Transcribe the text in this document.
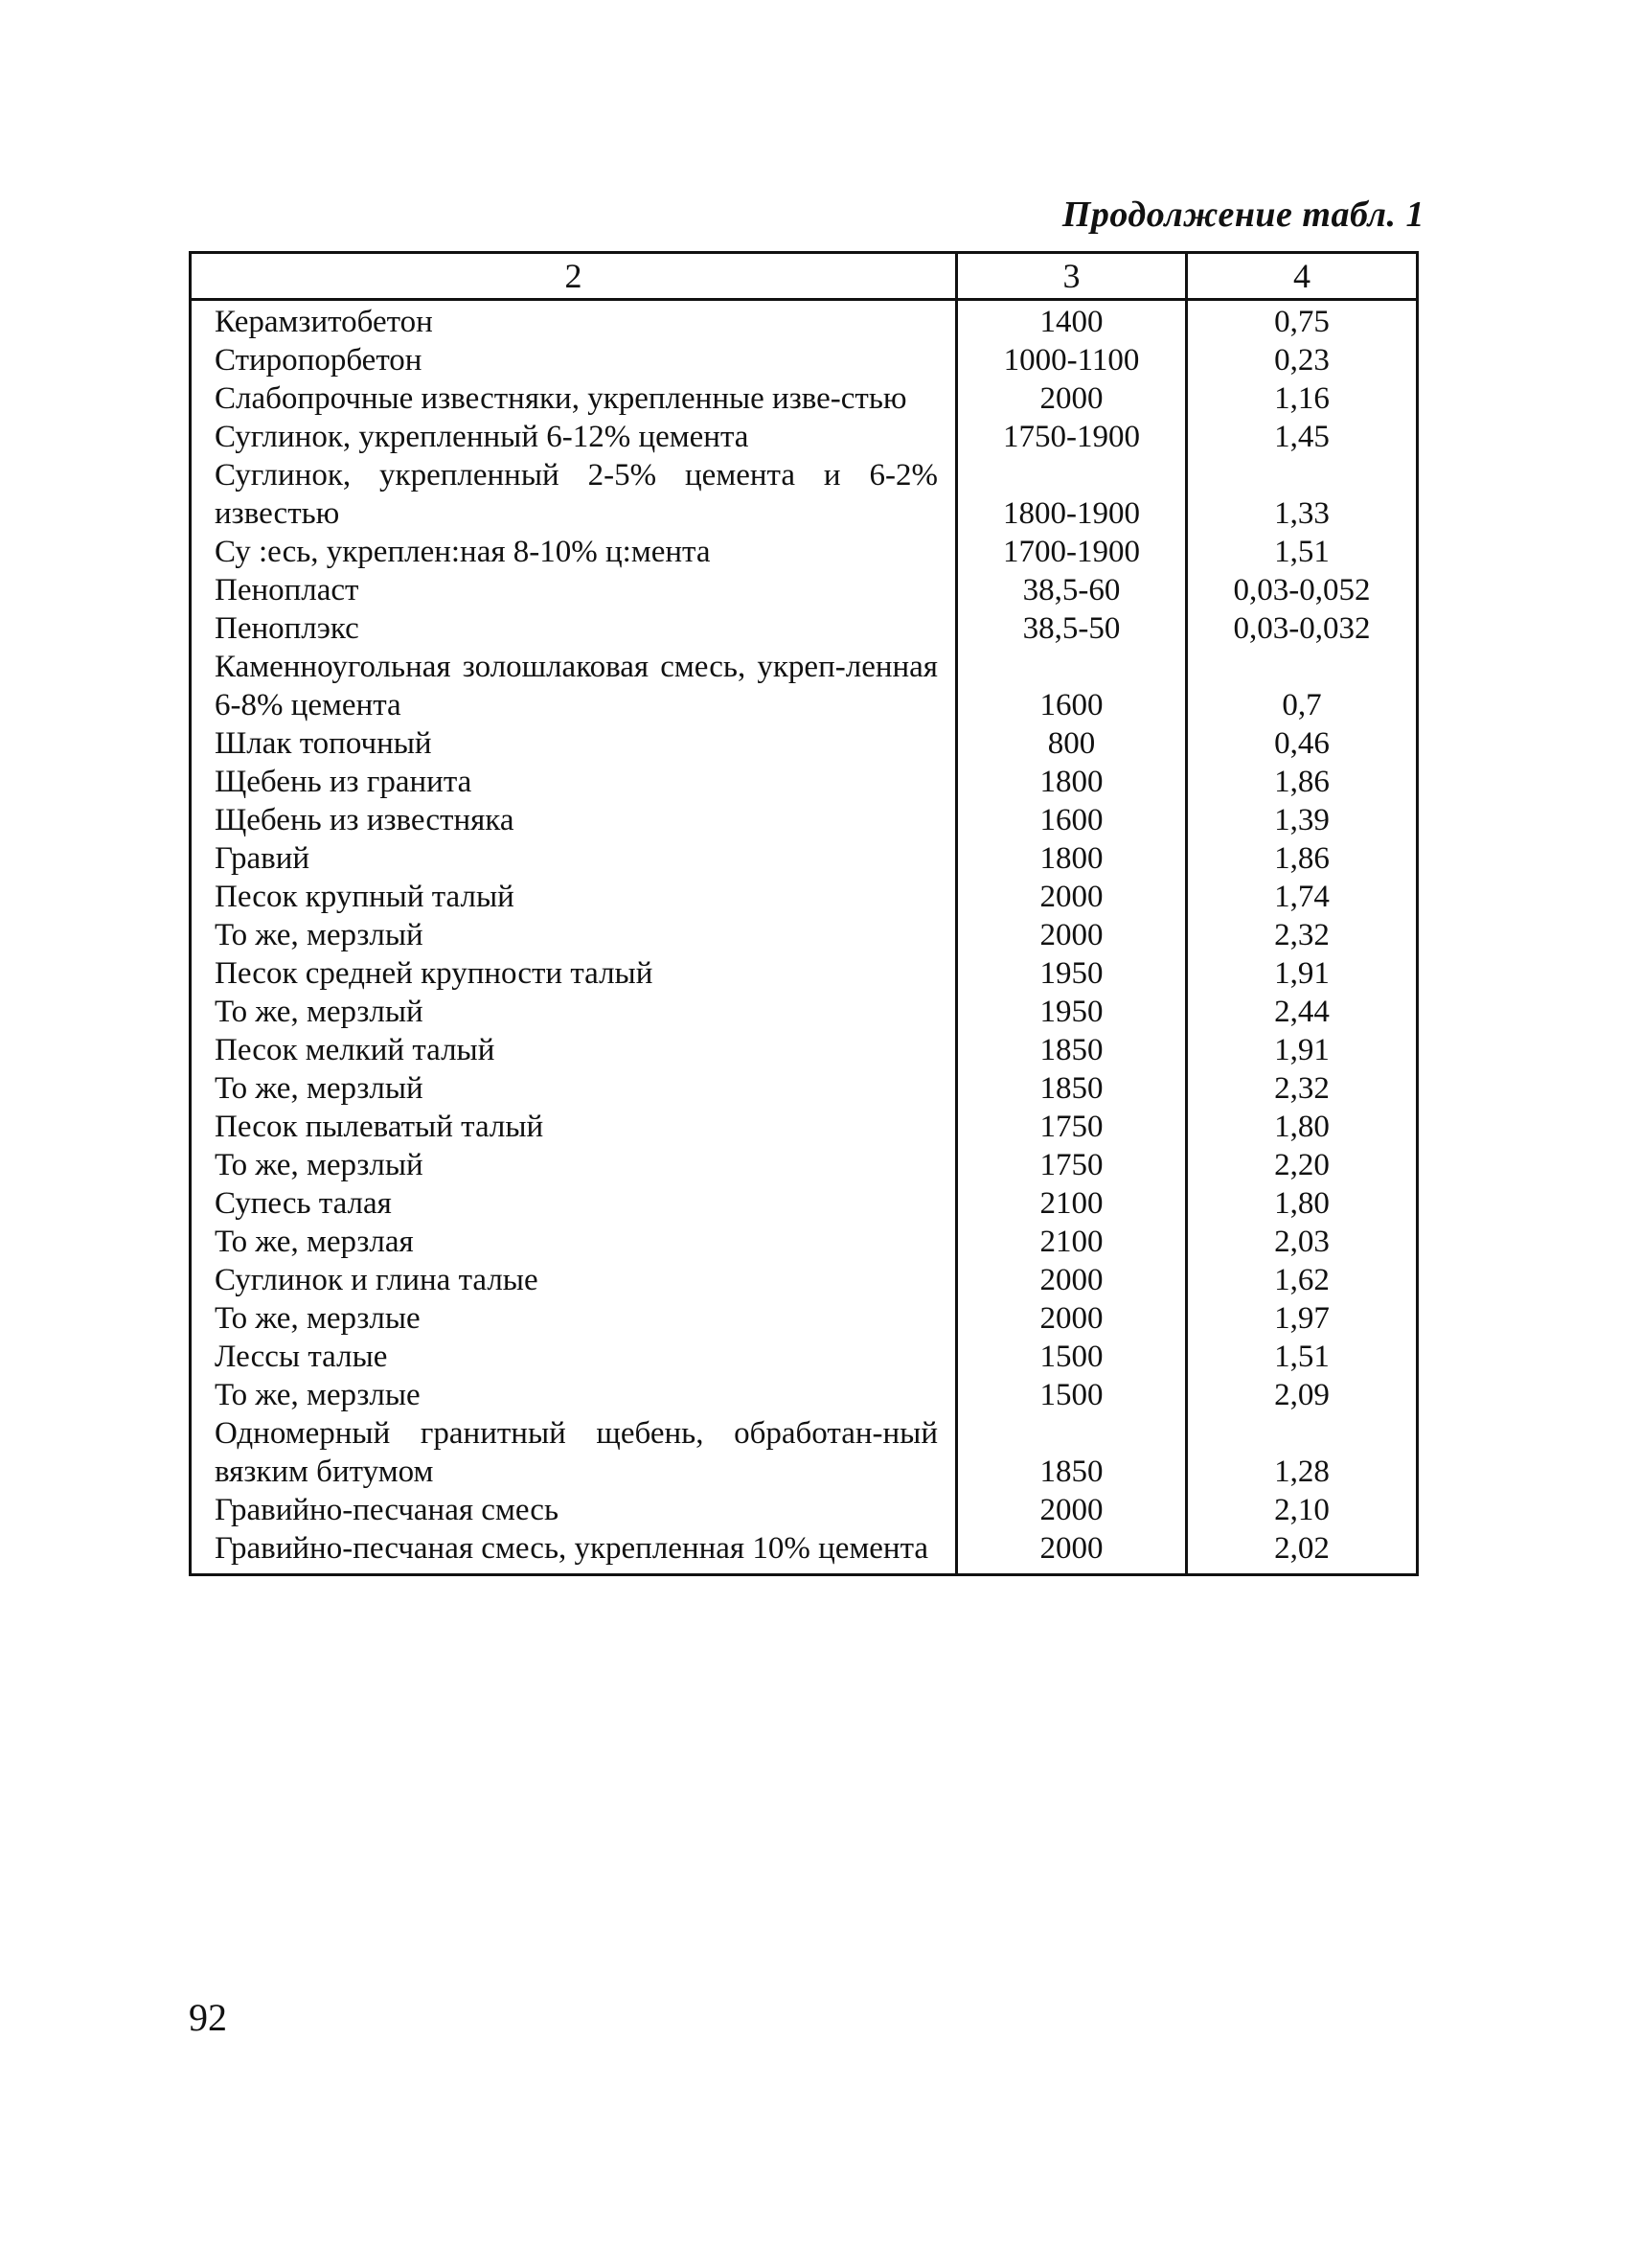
Продолжение табл. 1
2	3	4
Керамзитобетон	1400	0,75
Стиропорбетон	1000-1100	0,23
Слабопрочные известняки, укрепленные изве-стью	2000	1,16
Суглинок, укрепленный 6-12% цемента	1750-1900	1,45
Суглинок, укрепленный 2-5% цемента и 6-2% известью	1800-1900	1,33
Су :есь, укреплен:ная 8-10% ц:мента	1700-1900	1,51
Пенопласт	38,5-60	0,03-0,052
Пеноплэкс	38,5-50	0,03-0,032
Каменноугольная золошлаковая смесь, укреп-ленная 6-8% цемента	1600	0,7
Шлак топочный	800	0,46
Щебень из гранита	1800	1,86
Щебень из известняка	1600	1,39
Гравий	1800	1,86
Песок крупный талый	2000	1,74
То же, мерзлый	2000	2,32
Песок средней крупности талый	1950	1,91
То же, мерзлый	1950	2,44
Песок мелкий талый	1850	1,91
То же, мерзлый	1850	2,32
Песок пылеватый талый	1750	1,80
То же, мерзлый	1750	2,20
Супесь талая	2100	1,80
То же, мерзлая	2100	2,03
Суглинок и глина талые	2000	1,62
То же, мерзлые	2000	1,97
Лессы талые	1500	1,51
То же, мерзлые	1500	2,09
Одномерный гранитный щебень, обработан-ный вязким битумом	1850	1,28
Гравийно-песчаная смесь	2000	2,10
Гравийно-песчаная смесь, укрепленная 10% цемента	2000	2,02
92
